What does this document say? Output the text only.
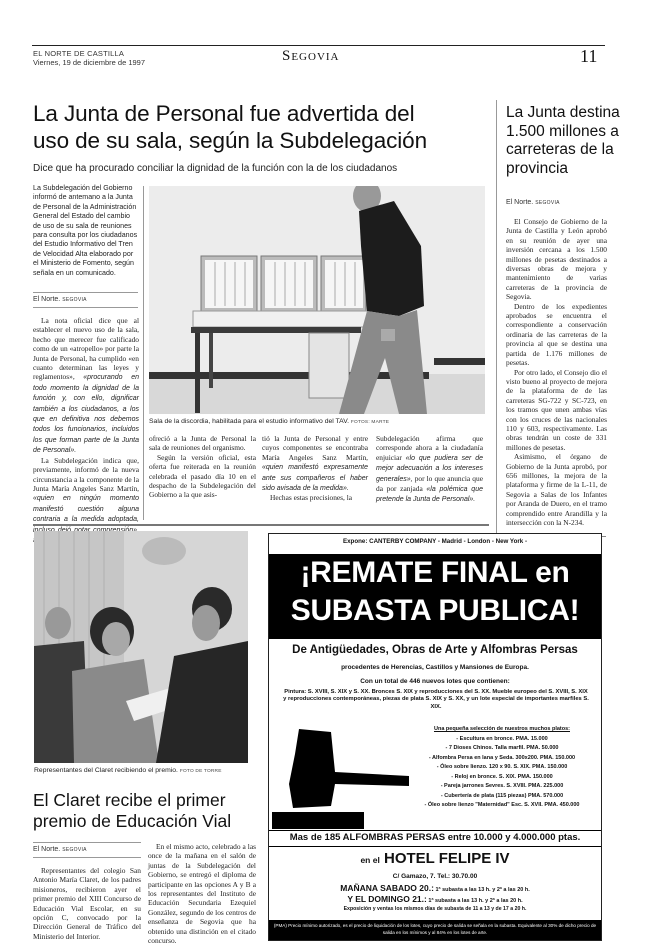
EL NORTE DE CASTILLA
Viernes, 19 de diciembre de 1997	Segovia	11
La Junta de Personal fue advertida del
uso de su sala, según la Subdelegación
Dice que ha procurado conciliar la dignidad de la función con la de los ciudadanos
La Subdelegación del Gobierno informó de antemano a la Junta de Personal de la Administración General del Estado del cambio de uso de su sala de reuniones para consulta por los ciudadanos del Estudio Informativo del Tren de Velocidad Alta elaborado por el Ministerio de Fomento, según señala en un comunicado.
El Norte. SEGOVIA

La nota oficial dice que al establecer el nuevo uso de la sala, hecho que merecer fue calificado como de un «atropello» por parte la Junta de Personal, ha cumplido «en cuanto determinan las leyes y reglamentos», «procurando en todo momento la dignidad de la función y, con ello, dignificar también a los ciudadanos, a los que en definitiva nos debemos todos los funcionarios, incluidos los que forman parte de la Junta de Personal».

La Subdelegación indica que, previamente, informó de la nueva circunstancia a la componente de la Junta María Angeles Sanz Martín, «quien en ningún momento manifestó cuestión alguna contraria a la medida adoptada,

Sala de la discordia, habilitada para el estudio informativo del TAV. FOTOS: MARTE

ofreció a la Junta de Personal la sala de reuniones del organismo.

Según la versión oficial, esta oferta fue reiterada en la reunión celebrada el pasado día 10 en el despacho de la Subdelegación del Gobierno a la que asis-

tió la Junta de Personal y entre cuyos componentes se encontraba María Angeles Sanz Martín, «quien manifestó expresamente ante sus compañeros el haber sido avisada de la medida».

Hechas estas precisiones, la

Subdelegación afirma que corresponde ahora a la ciudadanía enjuiciar «lo que pudiera ser de mejor adecuación a los intereses generales», por lo que anuncia que da por zanjada «la polémica que pretende la Junta de Personal».

La Junta destina 1.500 millones a carreteras de la provincia
El Norte. SEGOVIA

El Consejo de Gobierno de la Junta de Castilla y León aprobó en su reunión de ayer una inversión cercana a los 1.500 millones de pesetas destinados a diversas obras de mejora y mantenimiento de varias carreteras de la provincia de Segovia.

Dentro de los expedientes aprobados se encuentra el correspondiente a conservación ordinaria de las carreteras de la provincia al que se destina una partida de 1.176 millones de pesetas.

Por otro lado, el Consejo dio el visto bueno al proyecto de mejora de la plataforma de de las carreteras SG-722 y SC-723, en los tramos que unen ambas vías con los cruces de las nacionales 110 y 603, respectivamente. Las obras tendrán un coste de 331 millones de pesetas.

Asimismo, el órgano de Gobierno de la Junta aprobó, por 656 millones, la mejora de la plataforma y firme de la L-11, de Segovia a Salas de los Infantes por Aranda de Duero, en el tramo comprendido entre Arandilla y la intersección con la N-234.

Representantes del Claret recibiendo el premio. FOTO DE TORRE
El Claret recibe el primer premio de Educación Vial
El Norte. SEGOVIA

Representantes del colegio San Antonio María Claret, de los padres misioneros, recibieron ayer el primer premio del XIII Concurso de Educación Vial Escolar, en su opción C, convocado por la Dirección General de Tráfico del Ministerio del Interior.

En el mismo acto, celebrado a las once de la mañana en el salón de juntas de la Subdelegación del Gobierno, se entregó el diploma de participante en las opciones A y B a los representantes del Instituto de Educación Secundaria Ezequiel González, segundo de los centros de enseñanza de Segovia que ha obtenido una distinción en el citado concurso.

Expone: CANTERBY COMPANY - Madrid - London - New York -
¡REMATE FINAL en
SUBASTA PUBLICA!
De Antigüedades, Obras de Arte y Alfombras Persas
procedentes de Herencias, Castillos y Mansiones de Europa.
Con un total de 446 nuevos lotes que contienen:
Pintura: S. XVIII, S. XIX y S. XX. Bronces S. XIX y reproducciones del S. XX. Mueble europeo del S. XVIII, S. XIX y reproducciones contemporáneas, piezas de plata S. XIX y S. XX, y un lote especial de importantes marfiles S. XIX.
Una pequeña selección de nuestros muchos platos:
- Escultura en bronce. PMA. 15.000
- 7 Dioses Chinos. Talla marfil. PMA. 50.000
- Alfombra Persa en lana y Seda. 300x200. PMA. 150.000
- Óleo sobre lienzo. 120 x 90. S. XIX. PMA. 150.000
- Reloj en bronce. S. XIX. PMA. 150.000
- Pareja jarrones Sevres. S. XVIII. PMA. 225.000
- Cubertería de plata (115 piezas) PMA. 570.000
- Óleo sobre lienzo "Maternidad" Esc. S. XVII. PMA. 450.000
Mas de 185 ALFOMBRAS PERSAS entre 10.000 y 4.000.000 ptas.
en el HOTEL FELIPE IV
C/ Gamazo, 7. Tel.: 30.70.00
MAÑANA SABADO 20.: 1ª subasta a las 13 h. y 2ª a las 20 h.
Y EL DOMINGO 21.: 1ª subasta a las 13 h. y 2ª a las 20 h.
Exposición y ventas los mismos días de subasta de 11 a 13 y de 17 a 20 h.
(PMA) Precio mínimo autorizado, es el precio de liquidación de los lotes, cuyo precio de salida se señala en la subasta. Equivalente al 30% de dicho precio de salida en los mínimos y al 84% en los lotes de arte.
